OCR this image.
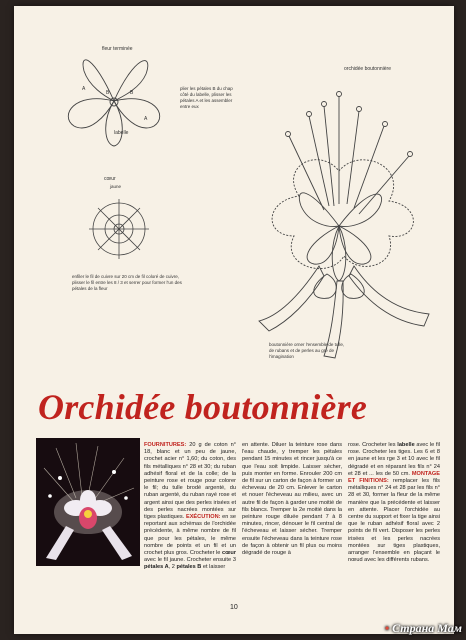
fleur terminée
A
B	B
A
labelle
plier les pétales B du chap côté du labelle, plisser les pétales A et les assembler entre eux
cœur
jaune
enfiler le fil de cuivre sur 20 cm de fil coloré de cuivre, plisser le fil entre les 8 / 3 et serrer pour former l'un des pétales de la fleur
orchidée boutonnière
boutonnière orner l'ensemble de tulle, de rubans et de perles au gré de l'imagination
Orchidée boutonnière
FOURNITURES: 20 g de coton n° 18, blanc et un peu de jaune, crochet acier n° 1,60; du coton, des fils métalliques n° 28 et 30; du ruban adhésif floral et de la colle; de la peinture rose et rouge pour colorer le fil; du tulle brodé argenté, du ruban argenté, du ruban rayé rose et argent ainsi que des perles irisées et des perles nacrées montées sur tiges plastiques. EXÉCUTION: en se reportant aux schémas de l'orchidée précédente, à même nombre de fil que pour les pétales, le même nombre de points et un fil et un crochet plus gros. Crocheter le cœur avec le fil jaune. Crocheter ensuite 3 pétales A, 2 pétales B et laisser
en attente. Diluer la teinture rose dans l'eau chaude, y tremper les pétales pendant 15 minutes et rincer jusqu'à ce que l'eau soit limpide. Laisser sécher, puis monter en forme. Enrouler 200 cm de fil sur un carton de façon à former un écheveau de 20 cm. Enlever le carton et nouer l'écheveau au milieu, avec un autre fil de façon à garder une moitié de fils blancs. Tremper la 2e moitié dans la peinture rouge diluée pendant 7 à 8 minutes, rincer, dénouer le fil central de l'écheveau et laisser sécher. Tremper ensuite l'écheveau dans la teinture rose de façon à obtenir un fil plus ou moins dégradé de rouge à
rose. Crocheter les labelle avec le fil rose. Crocheter les tiges. Les 6 et 8 en jaune et les rge 3 et 10 avec le fil dégradé et en réparant les fils n° 24 et 28 et ... les de 50 cm. MONTAGE ET FINITIONS: remplacer les fils métalliques n° 24 et 28 par les fils n° 28 et 30, former la fleur de la même manière que la précédente et laisser en attente. Placer l'orchidée au centre du support et fixer la tige ainsi que le ruban adhésif floral avec 2 points de fil vert. Disposer les perles irisées et les perles nacrées montées sur tiges plastiques, arranger l'ensemble en plaçant le nœud avec les différents rubans.
10
• Страна Мам
